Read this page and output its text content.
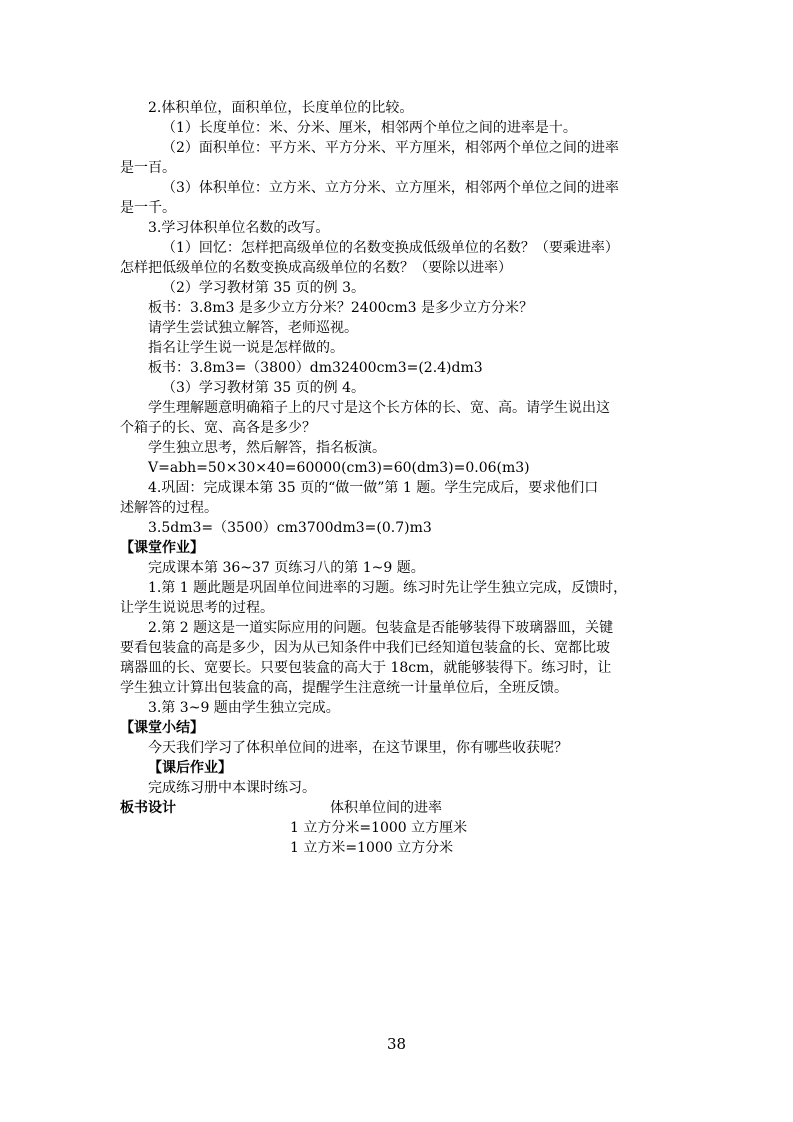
2.体积单位，面积单位，长度单位的比较。
（1）长度单位：米、分米、厘米，相邻两个单位之间的进率是十。
（2）面积单位：平方米、平方分米、平方厘米，相邻两个单位之间的进率
是一百。
（3）体积单位：立方米、立方分米、立方厘米，相邻两个单位之间的进率
是一千。
3.学习体积单位名数的改写。
（1）回忆：怎样把高级单位的名数变换成低级单位的名数？（要乘进率）
怎样把低级单位的名数变换成高级单位的名数？（要除以进率）
（2）学习教材第 35 页的例 3。
板书：3.8m3 是多少立方分米？2400cm3 是多少立方分米？
请学生尝试独立解答，老师巡视。
指名让学生说一说是怎样做的。
板书：3.8m3=（3800）dm32400cm3=(2.4)dm3
（3）学习教材第 35 页的例 4。
学生理解题意明确箱子上的尺寸是这个长方体的长、宽、高。请学生说出这
个箱子的长、宽、高各是多少？
学生独立思考，然后解答，指名板演。
V=abh=50×30×40=60000(cm3)=60(dm3)=0.06(m3)
4.巩固：完成课本第 35 页的“做一做”第 1 题。学生完成后，要求他们口
述解答的过程。
3.5dm3=（3500）cm3700dm3=(0.7)m3
【课堂作业】
完成课本第 36~37 页练习八的第 1~9 题。
1.第 1 题此题是巩固单位间进率的习题。练习时先让学生独立完成，反馈时，
让学生说说思考的过程。
2.第 2 题这是一道实际应用的问题。包装盒是否能够装得下玻璃器皿，关键
要看包装盒的高是多少，因为从已知条件中我们已经知道包装盒的长、宽都比玻
璃器皿的长、宽要长。只要包装盒的高大于 18cm，就能够装得下。练习时，让
学生独立计算出包装盒的高，提醒学生注意统一计量单位后，全班反馈。
3.第 3~9 题由学生独立完成。
【课堂小结】
今天我们学习了体积单位间的进率，在这节课里，你有哪些收获呢？
【课后作业】
完成练习册中本课时练习。
板书设计	体积单位间的进率
1 立方分米=1000 立方厘米
1 立方米=1000 立方分米
38
